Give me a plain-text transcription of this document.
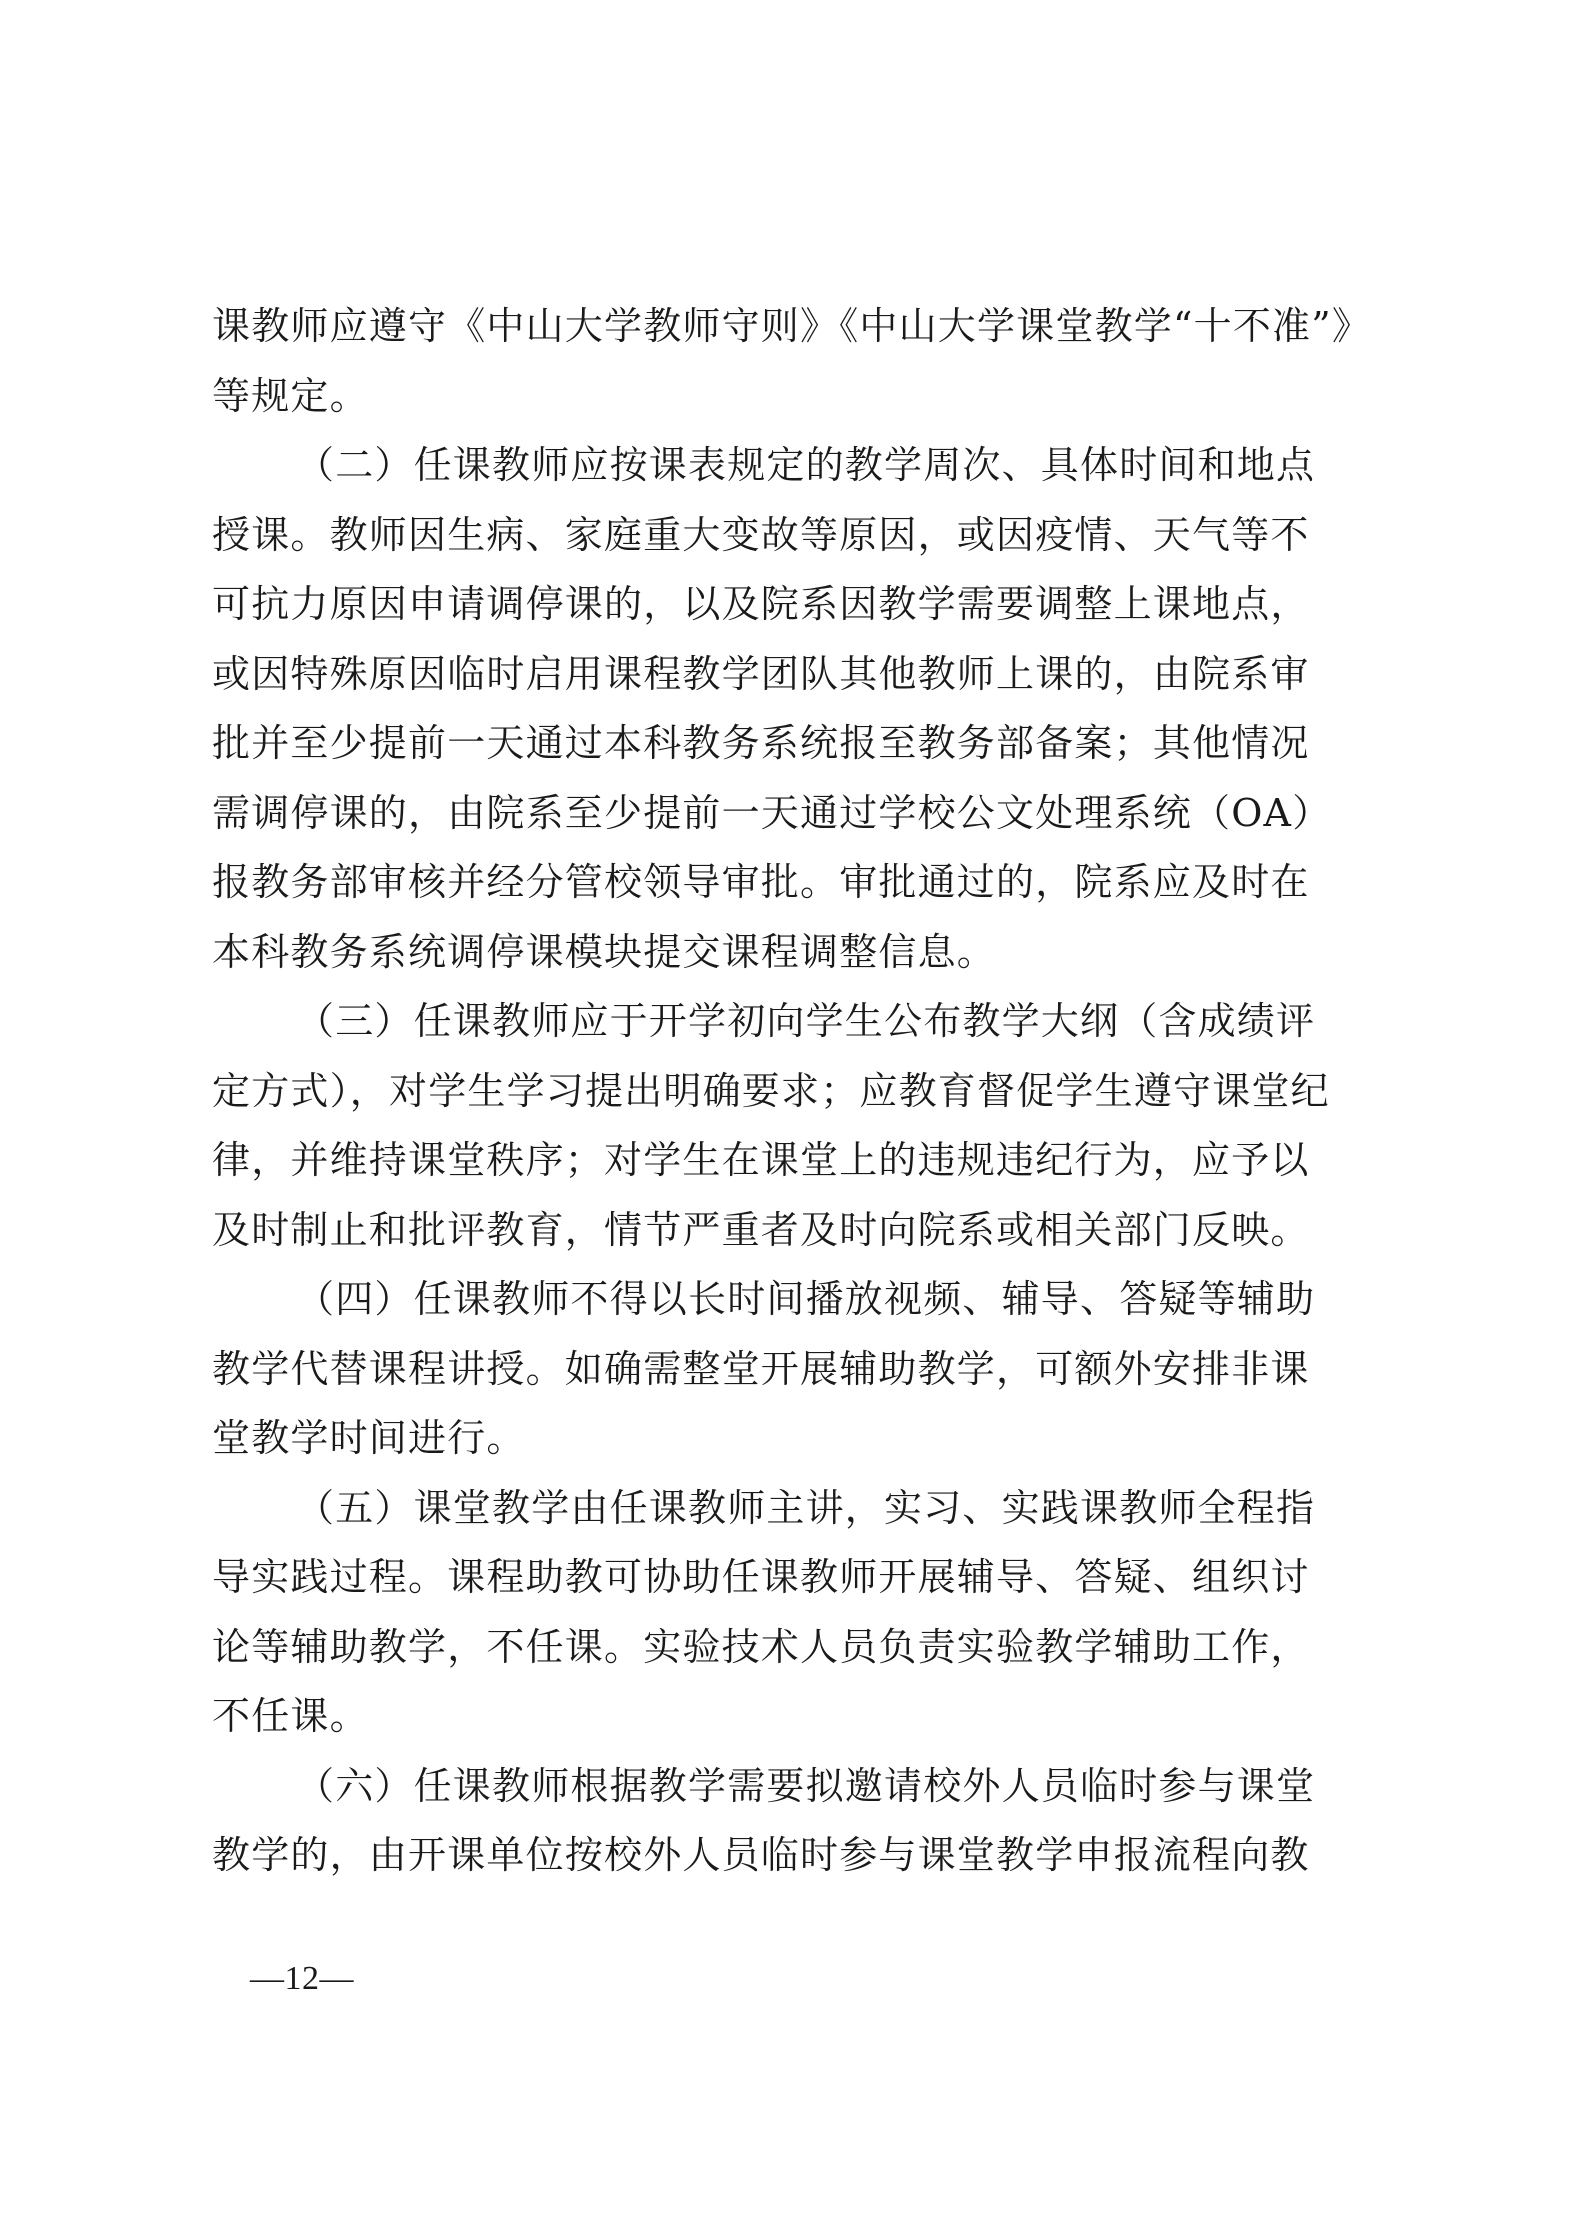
课教师应遵守《中山大学教师守则》《中山大学课堂教学“十不准”》
等规定。
（二）任课教师应按课表规定的教学周次、具体时间和地点
授课。教师因生病、家庭重大变故等原因，或因疫情、天气等不
可抗力原因申请调停课的，以及院系因教学需要调整上课地点，
或因特殊原因临时启用课程教学团队其他教师上课的，由院系审
批并至少提前一天通过本科教务系统报至教务部备案；其他情况
需调停课的，由院系至少提前一天通过学校公文处理系统（OA）
报教务部审核并经分管校领导审批。审批通过的，院系应及时在
本科教务系统调停课模块提交课程调整信息。
（三）任课教师应于开学初向学生公布教学大纲（含成绩评
定方式），对学生学习提出明确要求；应教育督促学生遵守课堂纪
律，并维持课堂秩序；对学生在课堂上的违规违纪行为，应予以
及时制止和批评教育，情节严重者及时向院系或相关部门反映。
（四）任课教师不得以长时间播放视频、辅导、答疑等辅助
教学代替课程讲授。如确需整堂开展辅助教学，可额外安排非课
堂教学时间进行。
（五）课堂教学由任课教师主讲，实习、实践课教师全程指
导实践过程。课程助教可协助任课教师开展辅导、答疑、组织讨
论等辅助教学，不任课。实验技术人员负责实验教学辅助工作，
不任课。
（六）任课教师根据教学需要拟邀请校外人员临时参与课堂
教学的，由开课单位按校外人员临时参与课堂教学申报流程向教
—12—
